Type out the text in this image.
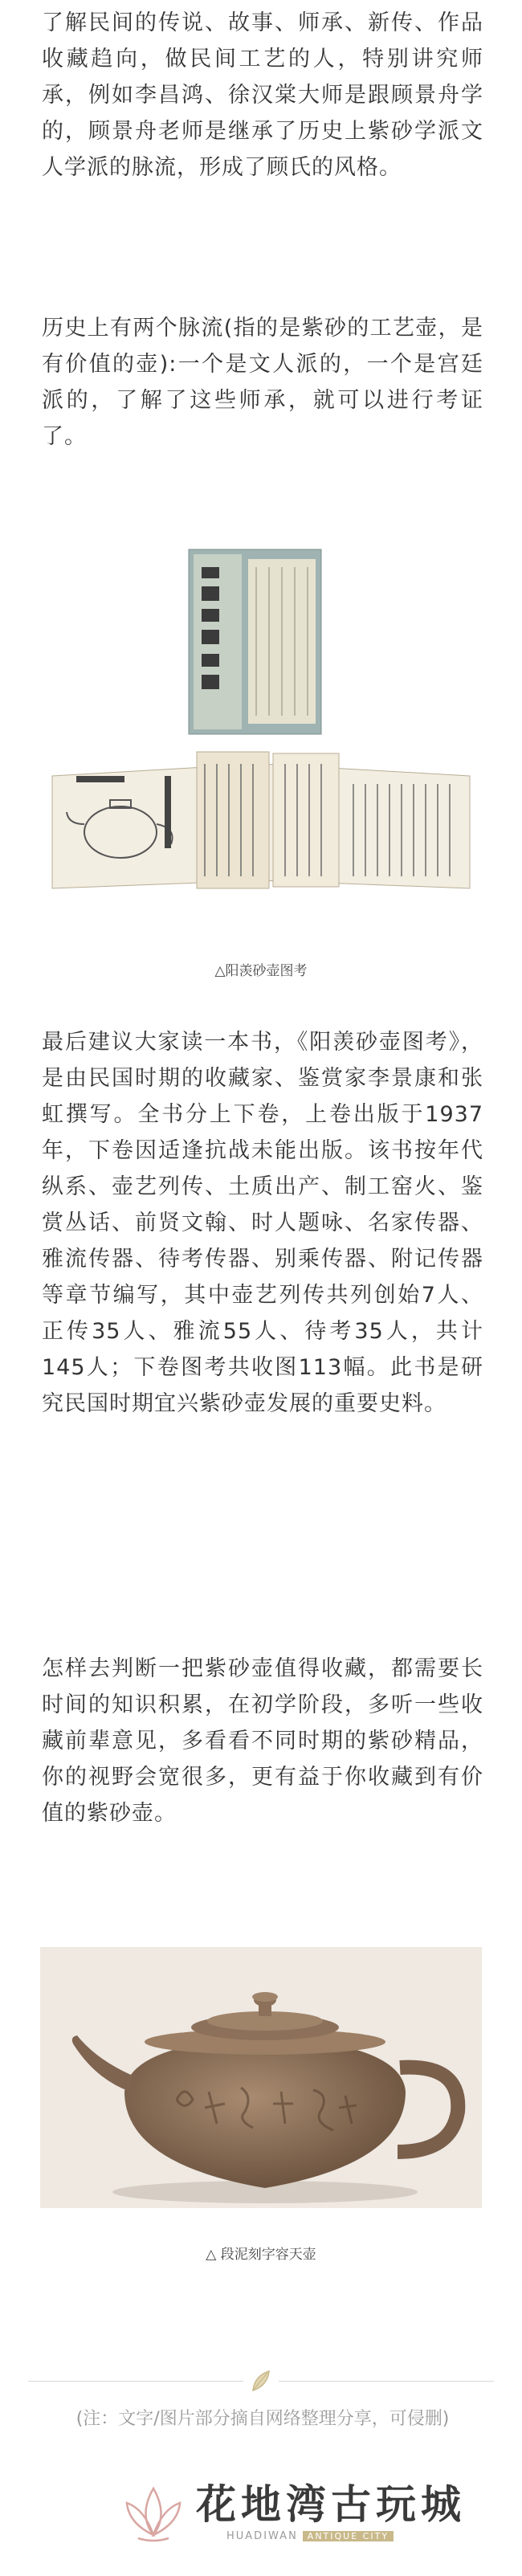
了解民间的传说、故事、师承、新传、作品收藏趋向，做民间工艺的人，特别讲究师承，例如李昌鸿、徐汉棠大师是跟顾景舟学的，顾景舟老师是继承了历史上紫砂学派文人学派的脉流，形成了顾氏的风格。

历史上有两个脉流(指的是紫砂的工艺壶，是有价值的壶):一个是文人派的，一个是宫廷派的，了解了这些师承，就可以进行考证了。

△阳羡砂壶图考

最后建议大家读一本书，《阳羡砂壶图考》，是由民国时期的收藏家、鉴赏家李景康和张虹撰写。全书分上下卷，上卷出版于1937年，下卷因适逢抗战未能出版。该书按年代纵系、壶艺列传、土质出产、制工窑火、鉴赏丛话、前贤文翰、时人题咏、名家传器、雅流传器、待考传器、别乘传器、附记传器等章节编写，其中壶艺列传共列创始7人、正传35人、雅流55人、待考35人，共计145人；下卷图考共收图113幅。此书是研究民国时期宜兴紫砂壶发展的重要史料。

怎样去判断一把紫砂壶值得收藏，都需要长时间的知识积累，在初学阶段，多听一些收藏前辈意见，多看看不同时期的紫砂精品，你的视野会宽很多，更有益于你收藏到有价值的紫砂壶。

△ 段泥刻字容天壶
(注：文字/图片部分摘自网络整理分享，可侵删)
花地湾古玩城
HUADIWAN ANTIQUE CITY
